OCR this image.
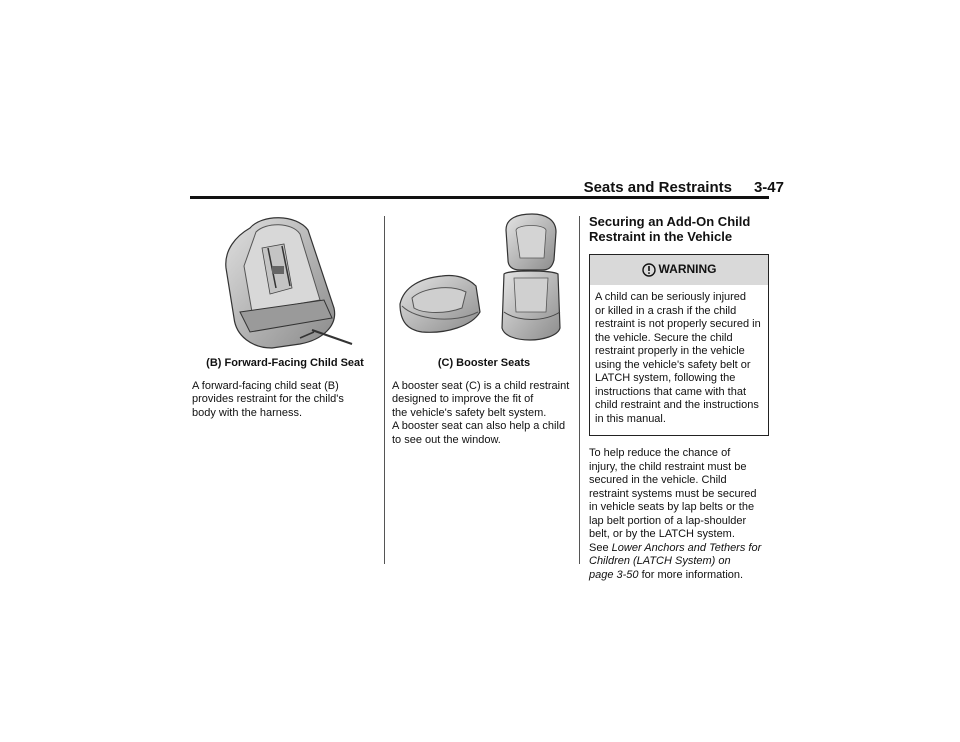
Seats and Restraints 3-47
(B) Forward-Facing Child Seat
A forward-facing child seat (B)
provides restraint for the child's
body with the harness.
(C) Booster Seats
A booster seat (C) is a child restraint
designed to improve the fit of
the vehicle's safety belt system.
A booster seat can also help a child
to see out the window.
Securing an Add-On Child
Restraint in the Vehicle
WARNING
A child can be seriously injured
or killed in a crash if the child
restraint is not properly secured in
the vehicle. Secure the child
restraint properly in the vehicle
using the vehicle's safety belt or
LATCH system, following the
instructions that came with that
child restraint and the instructions
in this manual.
To help reduce the chance of
injury, the child restraint must be
secured in the vehicle. Child
restraint systems must be secured
in vehicle seats by lap belts or the
lap belt portion of a lap-shoulder
belt, or by the LATCH system.
See Lower Anchors and Tethers for
Children (LATCH System) on
page 3-50 for more information.
